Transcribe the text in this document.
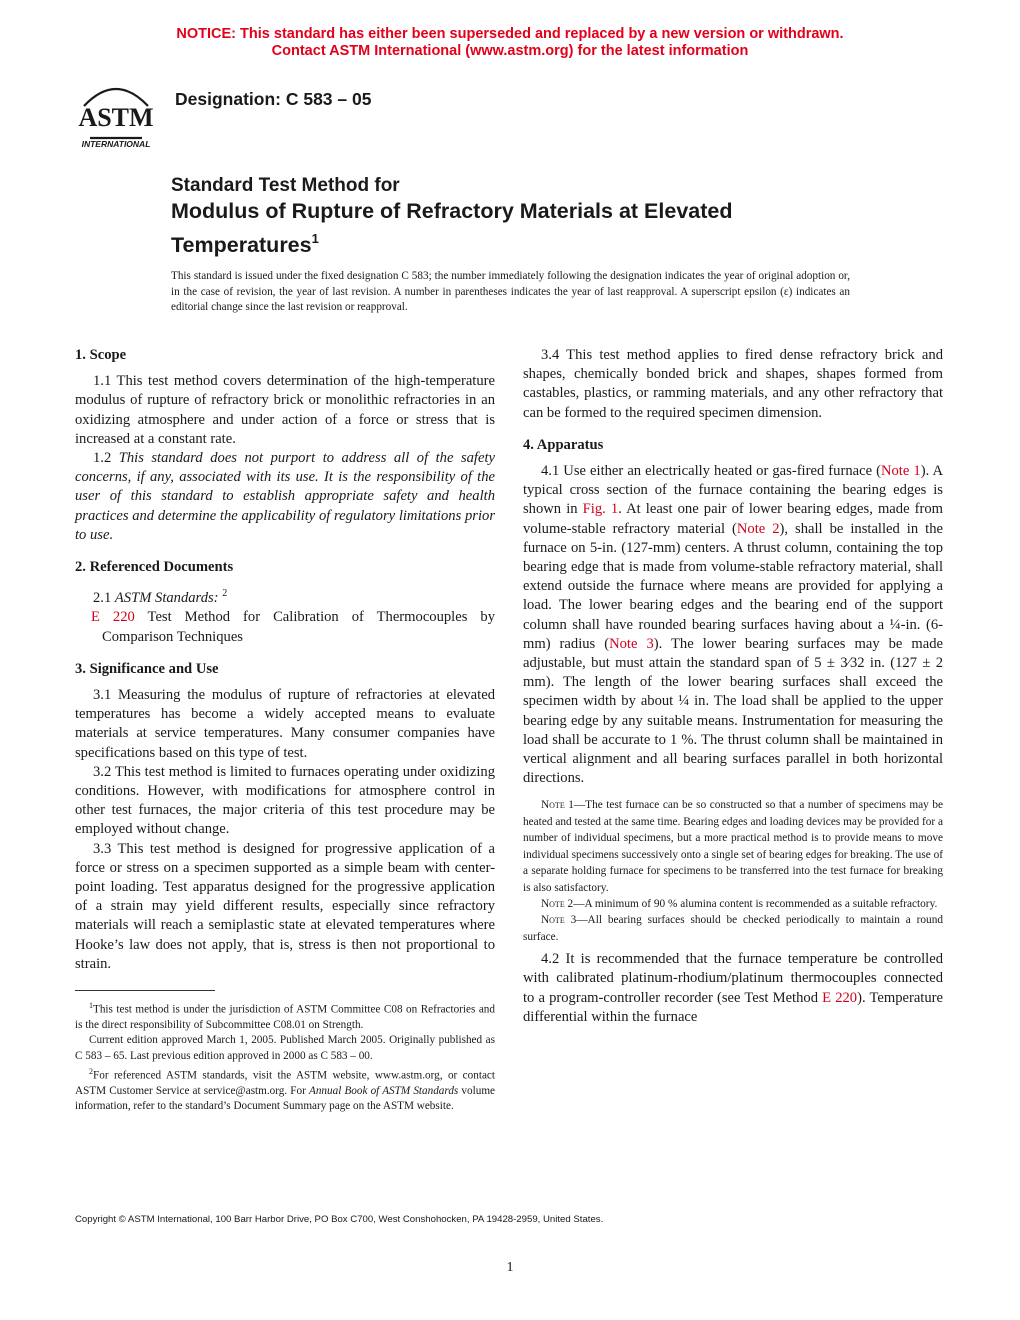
NOTICE: This standard has either been superseded and replaced by a new version or withdrawn.
Contact ASTM International (www.astm.org) for the latest information
ASTM
INTERNATIONAL
Designation: C 583 – 05
Standard Test Method for
Modulus of Rupture of Refractory Materials at Elevated
Temperatures$^1$
This standard is issued under the fixed designation C 583; the number immediately following the designation indicates the year of original adoption or, in the case of revision, the year of last revision. A number in parentheses indicates the year of last reapproval. A superscript epsilon (ε) indicates an editorial change since the last revision or reapproval.
1. Scope

1.1 This test method covers determination of the high-temperature modulus of rupture of refractory brick or monolithic refractories in an oxidizing atmosphere and under action of a force or stress that is increased at a constant rate.

1.2 This standard does not purport to address all of the safety concerns, if any, associated with its use. It is the responsibility of the user of this standard to establish appropriate safety and health practices and determine the applicability of regulatory limitations prior to use.

2. Referenced Documents

2.1 ASTM Standards: $^2$

E 220 Test Method for Calibration of Thermocouples by Comparison Techniques

3. Significance and Use

3.1 Measuring the modulus of rupture of refractories at elevated temperatures has become a widely accepted means to evaluate materials at service temperatures. Many consumer companies have specifications based on this type of test.

3.2 This test method is limited to furnaces operating under oxidizing conditions. However, with modifications for atmosphere control in other test furnaces, the major criteria of this test procedure may be employed without change.

3.3 This test method is designed for progressive application of a force or stress on a specimen supported as a simple beam with center-point loading. Test apparatus designed for the progressive application of a strain may yield different results, especially since refractory materials will reach a semiplastic state at elevated temperatures where Hooke’s law does not apply, that is, stress is then not proportional to strain.

$^1$This test method is under the jurisdiction of ASTM Committee C08 on Refractories and is the direct responsibility of Subcommittee C08.01 on Strength.

Current edition approved March 1, 2005. Published March 2005. Originally published as C 583 – 65. Last previous edition approved in 2000 as C 583 – 00.

$^2$For referenced ASTM standards, visit the ASTM website, www.astm.org, or contact ASTM Customer Service at service@astm.org. For Annual Book of ASTM Standards volume information, refer to the standard’s Document Summary page on the ASTM website.

3.4 This test method applies to fired dense refractory brick and shapes, chemically bonded brick and shapes, shapes formed from castables, plastics, or ramming materials, and any other refractory that can be formed to the required specimen dimension.

4. Apparatus

4.1 Use either an electrically heated or gas-fired furnace (Note 1). A typical cross section of the furnace containing the bearing edges is shown in Fig. 1. At least one pair of lower bearing edges, made from volume-stable refractory material (Note 2), shall be installed in the furnace on 5-in. (127-mm) centers. A thrust column, containing the top bearing edge that is made from volume-stable refractory material, shall extend outside the furnace where means are provided for applying a load. The lower bearing edges and the bearing end of the support column shall have rounded bearing surfaces having about a ¼-in. (6-mm) radius (Note 3). The lower bearing surfaces may be made adjustable, but must attain the standard span of 5 ± 3⁄32 in. (127 ± 2 mm). The length of the lower bearing surfaces shall exceed the specimen width by about ¼ in. The load shall be applied to the upper bearing edge by any suitable means. Instrumentation for measuring the load shall be accurate to 1 %. The thrust column shall be maintained in vertical alignment and all bearing surfaces parallel in both horizontal directions.

Note 1—The test furnace can be so constructed so that a number of specimens may be heated and tested at the same time. Bearing edges and loading devices may be provided for a number of individual specimens, but a more practical method is to provide means to move individual specimens successively onto a single set of bearing edges for breaking. The use of a separate holding furnace for specimens to be transferred into the test furnace for breaking is also satisfactory.

Note 2—A minimum of 90 % alumina content is recommended as a suitable refractory.

Note 3—All bearing surfaces should be checked periodically to maintain a round surface.

4.2 It is recommended that the furnace temperature be controlled with calibrated platinum-rhodium/platinum thermocouples connected to a program-controller recorder (see Test Method E 220). Temperature differential within the furnace

Copyright © ASTM International, 100 Barr Harbor Drive, PO Box C700, West Conshohocken, PA 19428-2959, United States.
1
